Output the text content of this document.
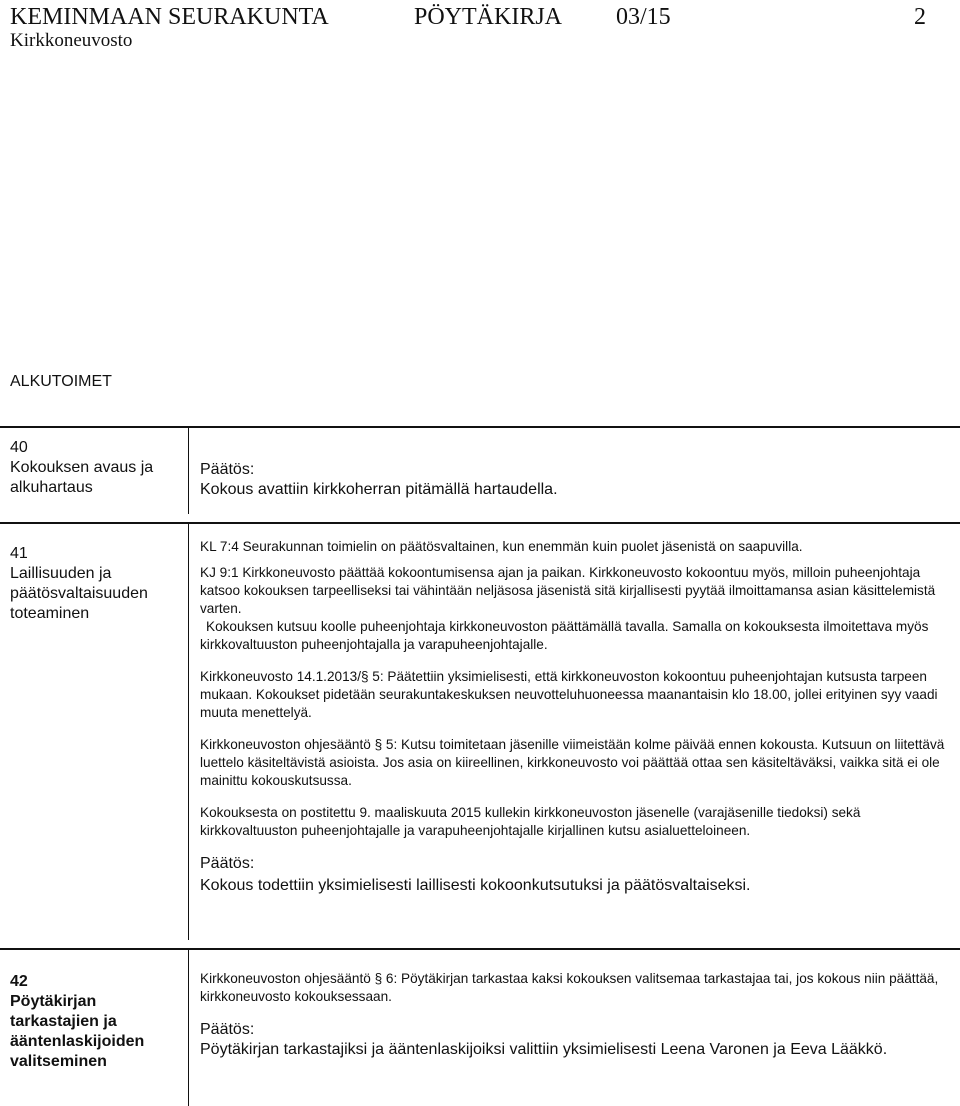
KEMINMAAN SEURAKUNTA	PÖYTÄKIRJA 03/15	2
Kirkkoneuvosto
ALKUTOIMET
40
Kokouksen avaus ja alkuhartaus

Päätös:

Kokous avattiin kirkkoherran pitämällä hartaudella.

41
Laillisuuden ja päätösvaltaisuuden toteaminen

KL 7:4 Seurakunnan toimielin on päätösvaltainen, kun enemmän kuin puolet jäsenistä on saapuvilla.

KJ 9:1 Kirkkoneuvosto päättää kokoontumisensa ajan ja paikan. Kirkkoneuvosto kokoontuu myös, milloin puheenjohtaja katsoo kokouksen tarpeelliseksi tai vähintään neljäsosa jäsenistä sitä kirjallisesti pyytää ilmoittamansa asian käsittelemistä varten.

Kokouksen kutsuu koolle puheenjohtaja kirkkoneuvoston päättämällä tavalla. Samalla on kokouksesta ilmoitettava myös kirkkovaltuuston puheenjohtajalla ja varapuheenjohtajalle.

Kirkkoneuvosto 14.1.2013/§ 5: Päätettiin yksimielisesti, että kirkkoneuvoston kokoontuu puheenjohtajan kutsusta tarpeen mukaan. Kokoukset pidetään seurakuntakeskuksen neuvotteluhuoneessa maanantaisin klo 18.00, jollei erityinen syy vaadi muuta menettelyä.

Kirkkoneuvoston ohjesääntö § 5: Kutsu toimitetaan jäsenille viimeistään kolme päivää ennen kokousta. Kutsuun on liitettävä luettelo käsiteltävistä asioista. Jos asia on kiireellinen, kirkkoneuvosto voi päättää ottaa sen käsiteltäväksi, vaikka sitä ei ole mainittu kokouskutsussa.

Kokouksesta on postitettu 9. maaliskuuta 2015 kullekin kirkkoneuvoston jäsenelle (varajäsenille tiedoksi) sekä kirkkovaltuuston puheenjohtajalle ja varapuheenjohtajalle kirjallinen kutsu asialuetteloineen.

Päätös:

Kokous todettiin yksimielisesti laillisesti kokoonkutsutuksi ja päätösvaltaiseksi.

42
Pöytäkirjan tarkastajien ja ääntenlaskijoiden valitseminen

Kirkkoneuvoston ohjesääntö § 6: Pöytäkirjan tarkastaa kaksi kokouksen valitsemaa tarkastajaa tai, jos kokous niin päättää, kirkkoneuvosto kokouksessaan.

Päätös:

Pöytäkirjan tarkastajiksi ja ääntenlaskijoiksi valittiin yksimielisesti Leena Varonen ja Eeva Lääkkö.
